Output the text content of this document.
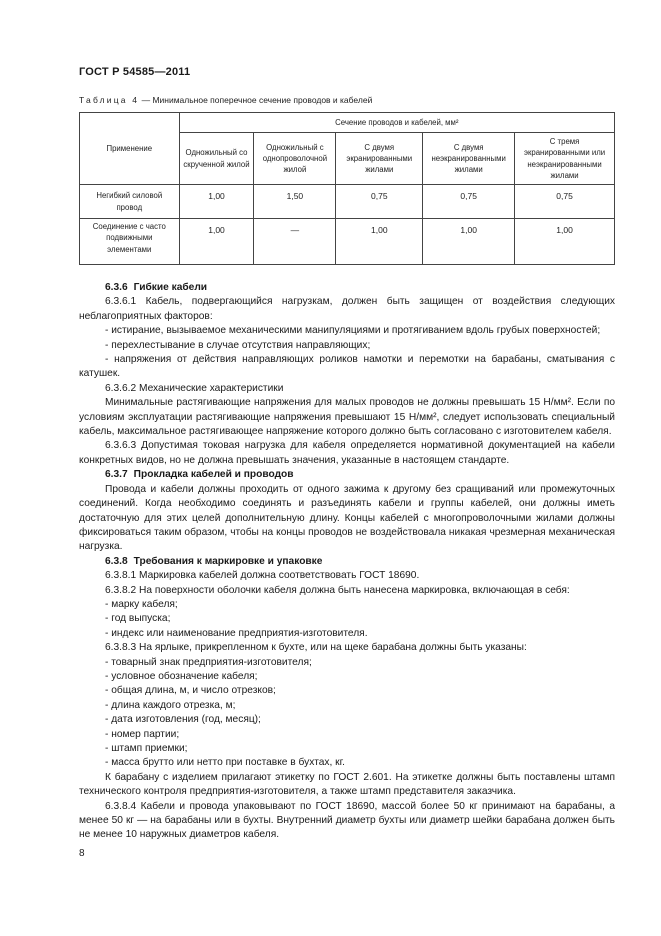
ГОСТ Р 54585—2011
Таблица 4 — Минимальное поперечное сечение проводов и кабелей
Применение	Сечение проводов и кабелей, мм²				
	Одножильный со скрученной жилой	Одножильный с однопроволочной жилой	С двумя экранированными жилами	С двумя неэкранированными жилами	С тремя экранированными или неэкранированными жилами
Негибкий силовой провод	1,00	1,50	0,75	0,75	0,75
Соединение с часто подвижными элементами	1,00	—	1,00	1,00	1,00

6.3.6 Гибкие кабели

6.3.6.1 Кабель, подвергающийся нагрузкам, должен быть защищен от воздействия следующих неблагоприятных факторов:

- истирание, вызываемое механическими манипуляциями и протягиванием вдоль грубых поверхностей;

- перехлестывание в случае отсутствия направляющих;

- напряжения от действия направляющих роликов намотки и перемотки на барабаны, сматывания с катушек.

6.3.6.2 Механические характеристики

Минимальные растягивающие напряжения для малых проводов не должны превышать 15 Н/мм². Если по условиям эксплуатации растягивающие напряжения превышают 15 Н/мм², следует использовать специальный кабель, максимальное растягивающее напряжение которого должно быть согласовано с изготовителем кабеля.

6.3.6.3 Допустимая токовая нагрузка для кабеля определяется нормативной документацией на кабели конкретных видов, но не должна превышать значения, указанные в настоящем стандарте.

6.3.7 Прокладка кабелей и проводов

Провода и кабели должны проходить от одного зажима к другому без сращиваний или промежуточных соединений. Когда необходимо соединять и разъединять кабели и группы кабелей, они должны иметь достаточную для этих целей дополнительную длину. Концы кабелей с многопроволочными жилами должны фиксироваться таким образом, чтобы на концы проводов не воздействовала никакая чрезмерная механическая нагрузка.

6.3.8 Требования к маркировке и упаковке

6.3.8.1 Маркировка кабелей должна соответствовать ГОСТ 18690.

6.3.8.2 На поверхности оболочки кабеля должна быть нанесена маркировка, включающая в себя:

- марку кабеля;

- год выпуска;

- индекс или наименование предприятия-изготовителя.

6.3.8.3 На ярлыке, прикрепленном к бухте, или на щеке барабана должны быть указаны:

- товарный знак предприятия-изготовителя;

- условное обозначение кабеля;

- общая длина, м, и число отрезков;

- длина каждого отрезка, м;

- дата изготовления (год, месяц);

- номер партии;

- штамп приемки;

- масса брутто или нетто при поставке в бухтах, кг.

К барабану с изделием прилагают этикетку по ГОСТ 2.601. На этикетке должны быть поставлены штамп технического контроля предприятия-изготовителя, а также штамп представителя заказчика.

6.3.8.4 Кабели и провода упаковывают по ГОСТ 18690, массой более 50 кг принимают на барабаны, а менее 50 кг — на барабаны или в бухты. Внутренний диаметр бухты или диаметр шейки барабана должен быть не менее 10 наружных диаметров кабеля.

8
